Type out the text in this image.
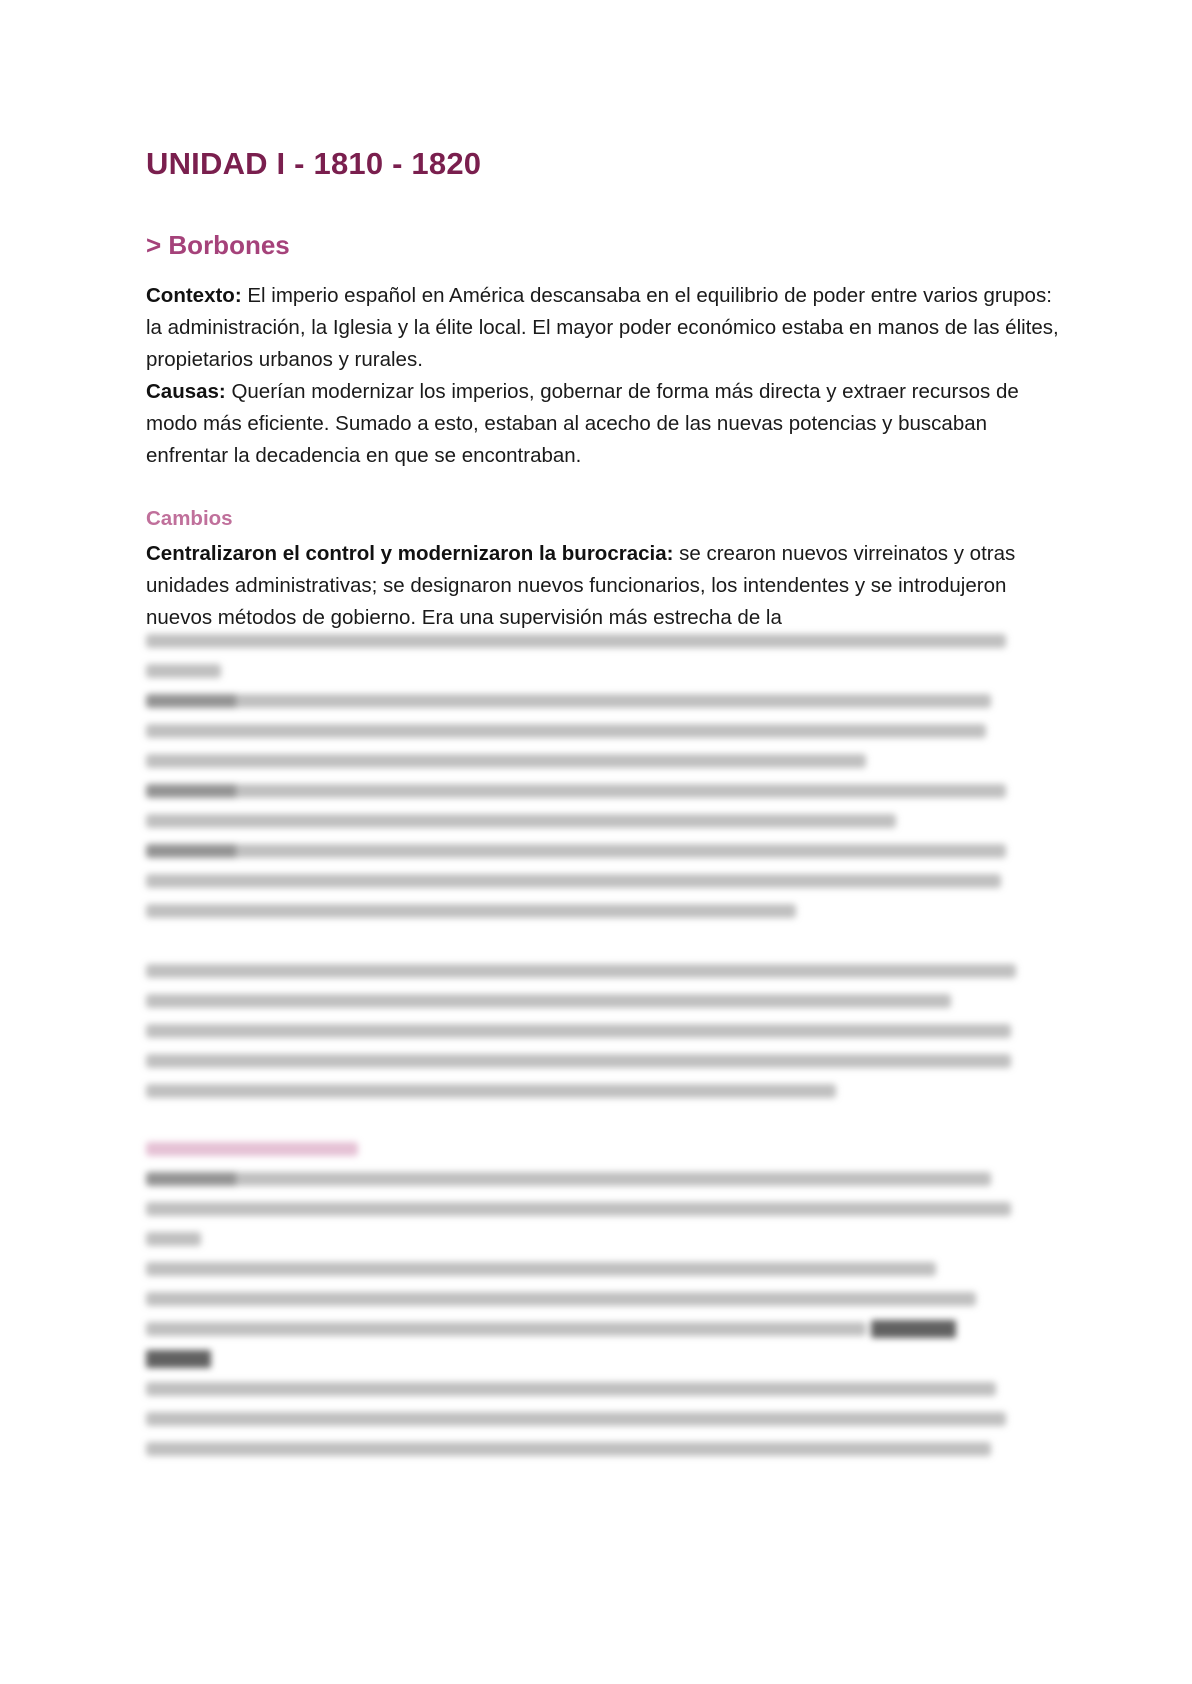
UNIDAD I - 1810 - 1820
> Borbones

Contexto: El imperio español en América descansaba en el equilibrio de poder entre varios grupos: la administración, la Iglesia y la élite local. El mayor poder económico estaba en manos de las élites, propietarios urbanos y rurales.

Causas: Querían modernizar los imperios, gobernar de forma más directa y extraer recursos de modo más eficiente. Sumado a esto, estaban al acecho de las nuevas potencias y buscaban enfrentar la decadencia en que se encontraban.

Cambios

Centralizaron el control y modernizaron la burocracia: se crearon nuevos virreinatos y otras unidades administrativas; se designaron nuevos funcionarios, los intendentes y se introdujeron nuevos métodos de gobierno. Era una supervisión más estrecha de la
